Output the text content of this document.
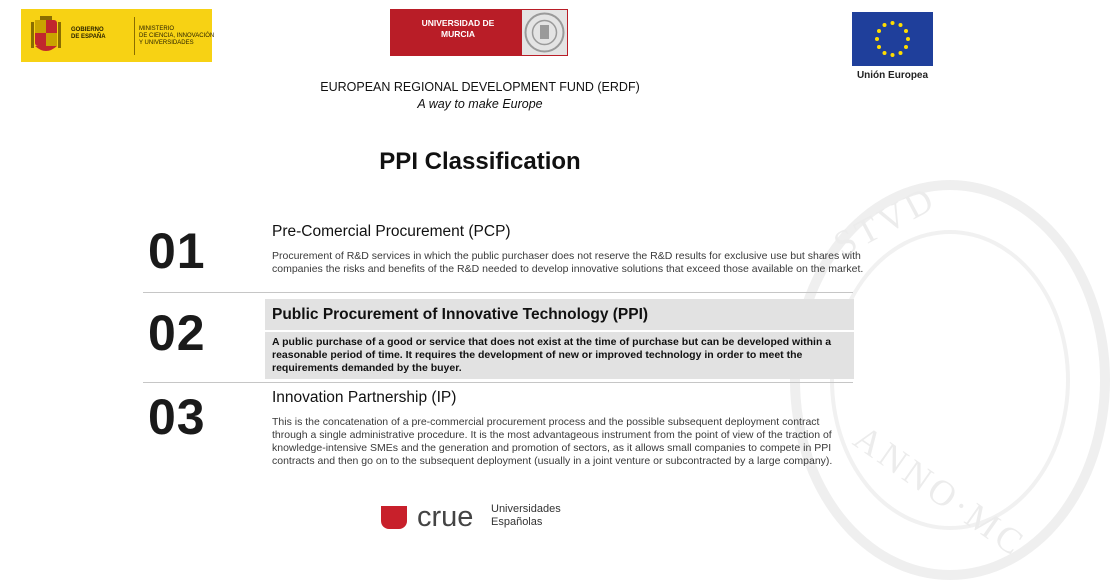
STVD
ANNO·MC
GOBIERNO
DE ESPAÑA
MINISTERIO
DE CIENCIA, INNOVACIÓN
Y UNIVERSIDADES
UNIVERSIDAD DE
MURCIA
Unión Europea
EUROPEAN REGIONAL DEVELOPMENT FUND (ERDF)
A way to make Europe
PPI Classification
01	Pre-Comercial Procurement (PCP)
Procurement of R&D services in which the public purchaser does not reserve the R&D results for exclusive use but shares with companies the risks and benefits of the R&D needed to develop innovative solutions that exceed those available on the market.
02	Public Procurement of Innovative Technology (PPI)
A public purchase of a good or service that does not exist at the time of purchase but can be developed within a reasonable period of time. It requires the development of new or improved technology in order to meet the requirements demanded by the buyer.
03	Innovation Partnership (IP)
This is the concatenation of a pre-commercial procurement process and the possible subsequent deployment contract through a single administrative procedure. It is the most advantageous instrument from the point of view of the traction of knowledge-intensive SMEs and the generation and promotion of sectors, as it allows small companies to compete in PPI contracts and then go on to the subsequent deployment (usually in a joint venture or subcontracted by a large company).
crue Universidades
Españolas
